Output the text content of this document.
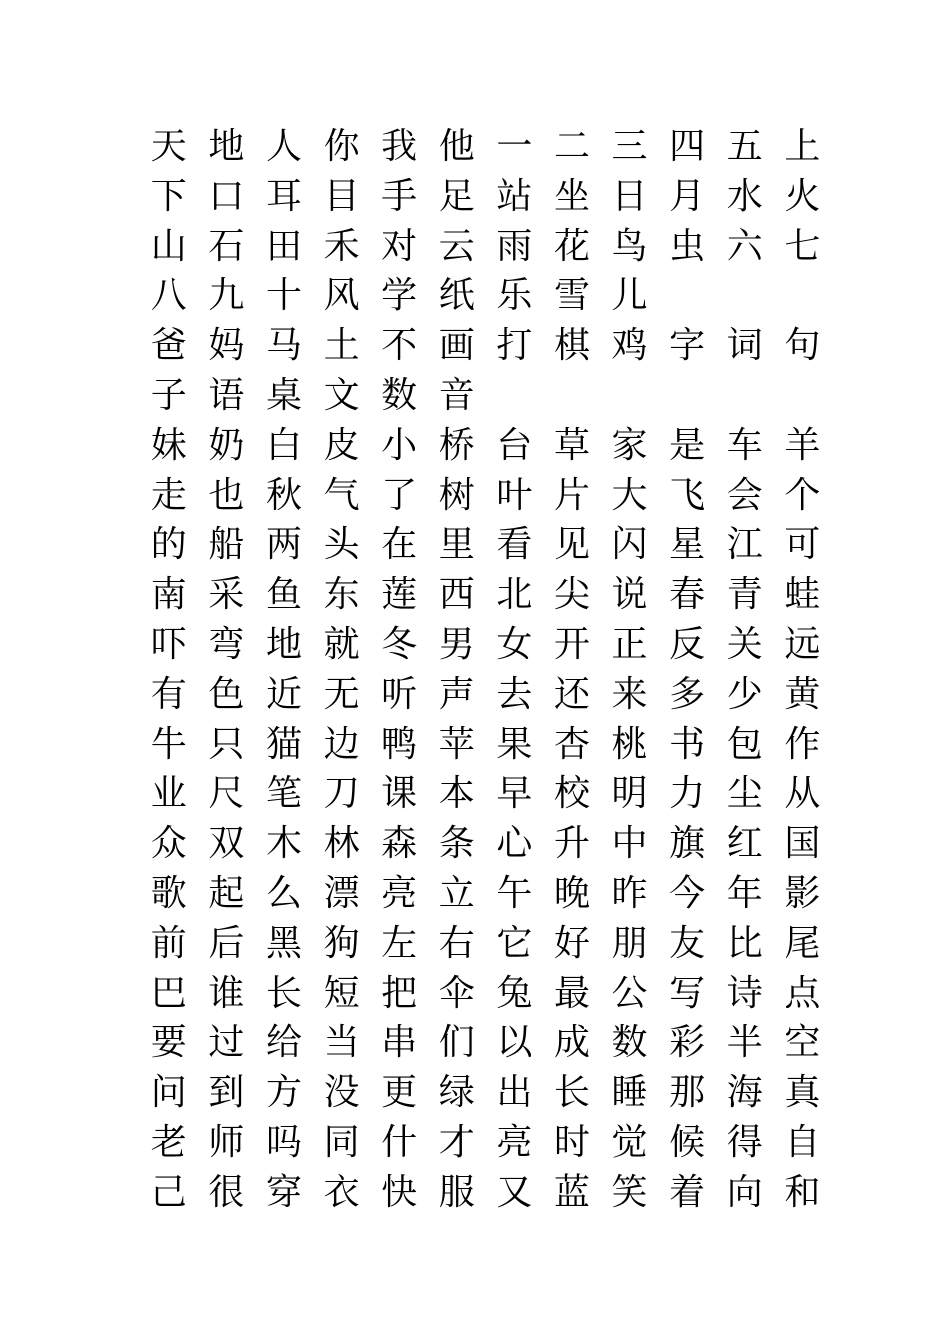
天 地 人 你 我 他 一 二 三 四 五 上
下 口 耳 目 手 足 站 坐 日 月 水 火
山 石 田 禾 对 云 雨 花 鸟 虫 六 七
八 九 十 风 学 纸 乐 雪 儿
爸 妈 马 土 不 画 打 棋 鸡 字 词 句
子 语 桌 文 数 音
妹 奶 白 皮 小 桥 台 草 家 是 车 羊
走 也 秋 气 了 树 叶 片 大 飞 会 个
的 船 两 头 在 里 看 见 闪 星 江 可
南 采 鱼 东 莲 西 北 尖 说 春 青 蛙
吓 弯 地 就 冬 男 女 开 正 反 关 远
有 色 近 无 听 声 去 还 来 多 少 黄
牛 只 猫 边 鸭 苹 果 杏 桃 书 包 作
业 尺 笔 刀 课 本 早 校 明 力 尘 从
众 双 木 林 森 条 心 升 中 旗 红 国
歌 起 么 漂 亮 立 午 晚 昨 今 年 影
前 后 黑 狗 左 右 它 好 朋 友 比 尾
巴 谁 长 短 把 伞 兔 最 公 写 诗 点
要 过 给 当 串 们 以 成 数 彩 半 空
问 到 方 没 更 绿 出 长 睡 那 海 真
老 师 吗 同 什 才 亮 时 觉 候 得 自
己 很 穿 衣 快 服 又 蓝 笑 着 向 和
